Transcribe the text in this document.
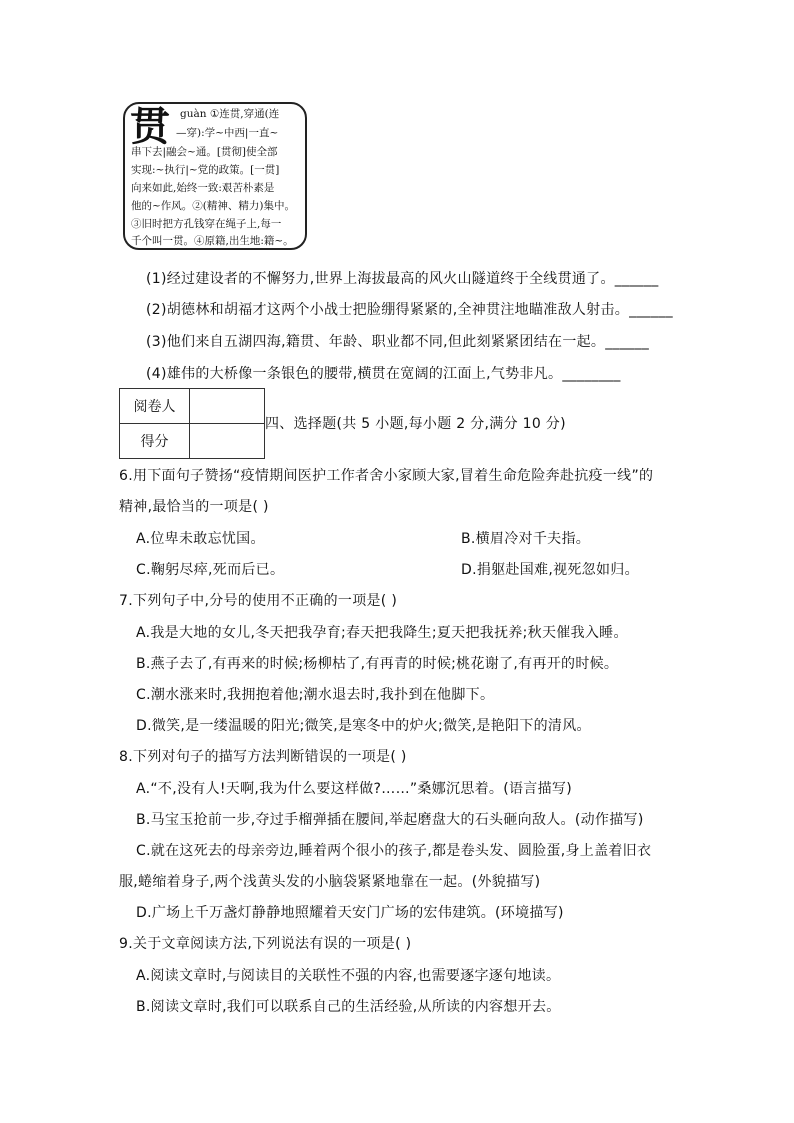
贯 guàn ①连贯,穿通(连
—穿):学~中西|一直~
串下去|融会~通。[贯彻]使全部
实现:~执行|~党的政策。[一贯]
向来如此,始终一致:艰苦朴素是
他的~作风。②(精神、精力)集中。
③旧时把方孔钱穿在绳子上,每一
千个叫一贯。④原籍,出生地:籍~。
(1)经过建设者的不懈努力,世界上海拔最高的风火山隧道终于全线贯通了。______
(2)胡德林和胡福才这两个小战士把脸绷得紧紧的,全神贯注地瞄准敌人射击。______
(3)他们来自五湖四海,籍贯、年龄、职业都不同,但此刻紧紧团结在一起。______
(4)雄伟的大桥像一条银色的腰带,横贯在宽阔的江面上,气势非凡。________
阅卷人	
得分	
四、选择题(共 5 小题,每小题 2 分,满分 10 分)
6.用下面句子赞扬“疫情期间医护工作者舍小家顾大家,冒着生命危险奔赴抗疫一线”的
精神,最恰当的一项是( )
A.位卑未敢忘忧国。	B.横眉冷对千夫指。
C.鞠躬尽瘁,死而后已。	D.捐躯赴国难,视死忽如归。
7.下列句子中,分号的使用不正确的一项是( )
A.我是大地的女儿,冬天把我孕育;春天把我降生;夏天把我抚养;秋天催我入睡。
B.燕子去了,有再来的时候;杨柳枯了,有再青的时候;桃花谢了,有再开的时候。
C.潮水涨来时,我拥抱着他;潮水退去时,我扑到在他脚下。
D.微笑,是一缕温暖的阳光;微笑,是寒冬中的炉火;微笑,是艳阳下的清风。
8.下列对句子的描写方法判断错误的一项是( )
A.“不,没有人!天啊,我为什么要这样做?……”桑娜沉思着。(语言描写)
B.马宝玉抢前一步,夺过手榴弹插在腰间,举起磨盘大的石头砸向敌人。(动作描写)
C.就在这死去的母亲旁边,睡着两个很小的孩子,都是卷头发、圆脸蛋,身上盖着旧衣
服,蜷缩着身子,两个浅黄头发的小脑袋紧紧地靠在一起。(外貌描写)
D.广场上千万盏灯静静地照耀着天安门广场的宏伟建筑。(环境描写)
9.关于文章阅读方法,下列说法有误的一项是( )
A.阅读文章时,与阅读目的关联性不强的内容,也需要逐字逐句地读。
B.阅读文章时,我们可以联系自己的生活经验,从所读的内容想开去。
